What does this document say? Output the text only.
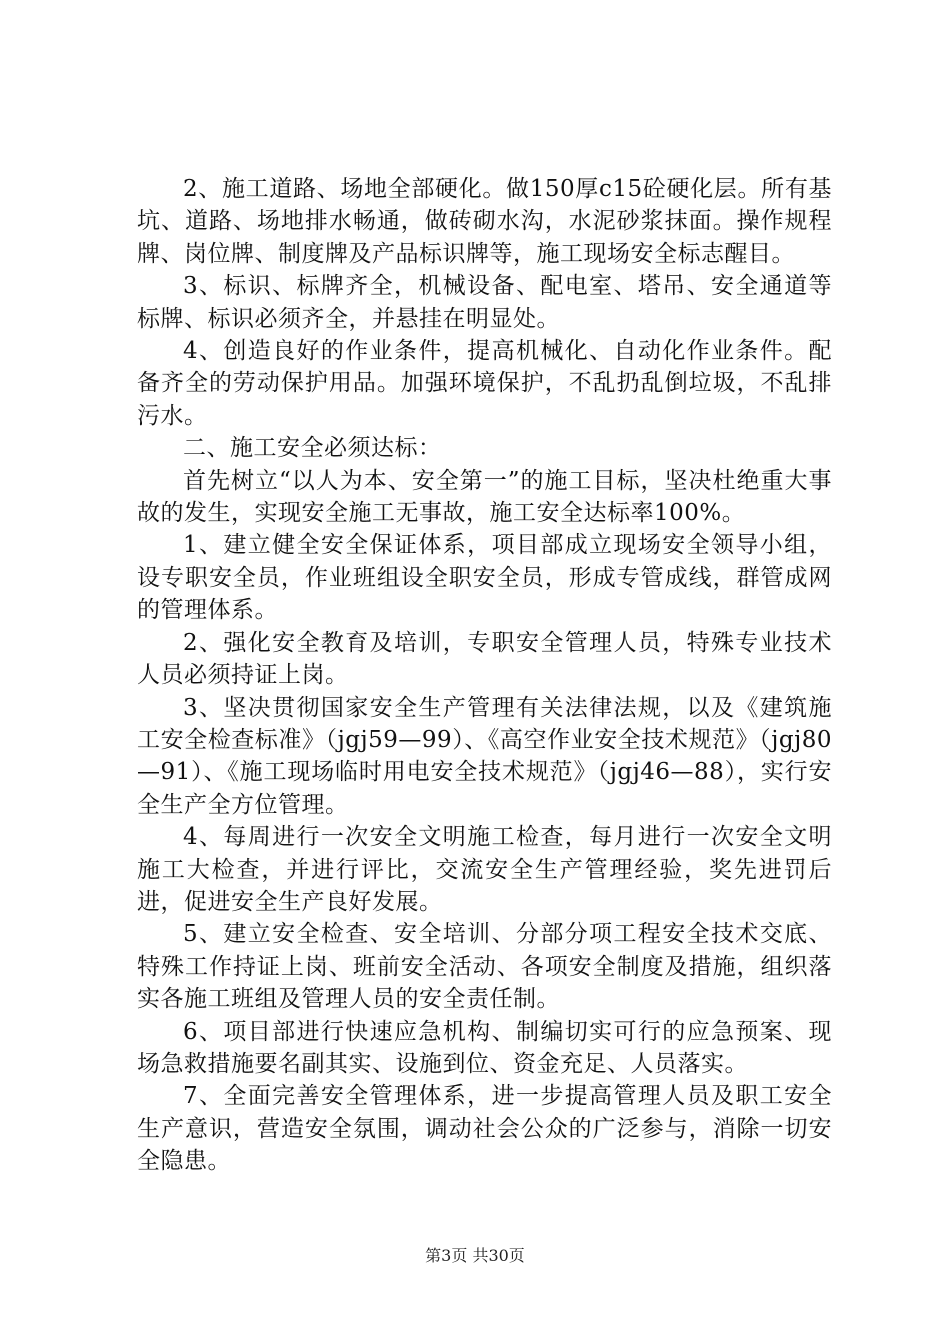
2、施工道路、场地全部硬化。做150厚c15砼硬化层。所有基坑、道路、场地排水畅通，做砖砌水沟，水泥砂浆抹面。操作规程牌、岗位牌、制度牌及产品标识牌等，施工现场安全标志醒目。

3、标识、标牌齐全，机械设备、配电室、塔吊、安全通道等标牌、标识必须齐全，并悬挂在明显处。

4、创造良好的作业条件，提高机械化、自动化作业条件。配备齐全的劳动保护用品。加强环境保护，不乱扔乱倒垃圾，不乱排污水。

二、施工安全必须达标：

首先树立“以人为本、安全第一”的施工目标，坚决杜绝重大事故的发生，实现安全施工无事故，施工安全达标率100%。

1、建立健全安全保证体系，项目部成立现场安全领导小组，设专职安全员，作业班组设全职安全员，形成专管成线，群管成网的管理体系。

2、强化安全教育及培训，专职安全管理人员，特殊专业技术人员必须持证上岗。

3、坚决贯彻国家安全生产管理有关法律法规，以及《建筑施工安全检查标准》（jgj59—99）、《高空作业安全技术规范》（jgj80—91）、《施工现场临时用电安全技术规范》（jgj46—88），实行安全生产全方位管理。

4、每周进行一次安全文明施工检查，每月进行一次安全文明施工大检查，并进行评比，交流安全生产管理经验，奖先进罚后进，促进安全生产良好发展。

5、建立安全检查、安全培训、分部分项工程安全技术交底、特殊工作持证上岗、班前安全活动、各项安全制度及措施，组织落实各施工班组及管理人员的安全责任制。

6、项目部进行快速应急机构、制编切实可行的应急预案、现场急救措施要名副其实、设施到位、资金充足、人员落实。

7、全面完善安全管理体系，进一步提高管理人员及职工安全生产意识，营造安全氛围，调动社会公众的广泛参与，消除一切安全隐患。

第3页 共30页
